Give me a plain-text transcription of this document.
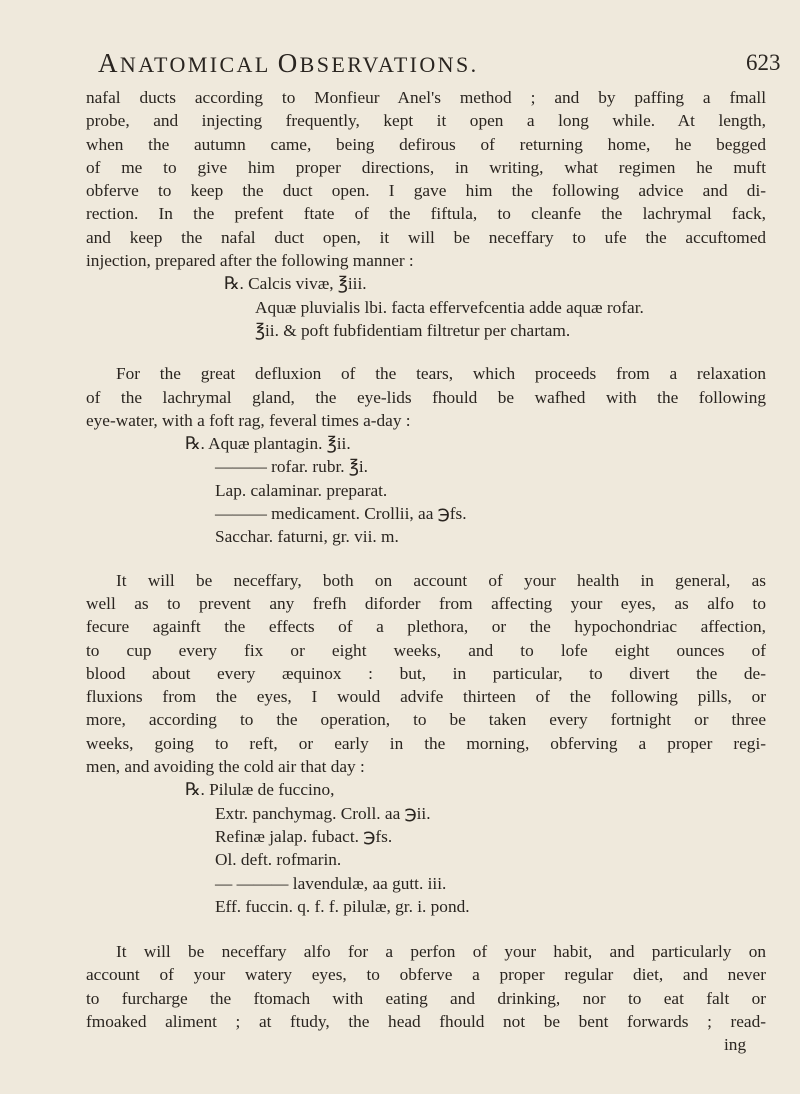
ANATOMICAL OBSERVATIONS.	623
nafal ducts according to Monfieur Anel's method ; and by paffing a fmall
probe, and injecting frequently, kept it open a long while. At length,
when the autumn came, being defirous of returning home, he begged
of me to give him proper directions, in writing, what regimen he muft
obferve to keep the duct open. I gave him the following advice and di-
rection. In the prefent ftate of the fiftula, to cleanfe the lachrymal fack,
and keep the nafal duct open, it will be neceffary to ufe the accuftomed
injection, prepared after the following manner :
℞. Calcis vivæ, ℥iii.
Aquæ pluvialis lbi. facta effervefcentia adde aquæ rofar.
℥ii. & poft fubfidentiam filtretur per chartam.
For the great defluxion of the tears, which proceeds from a relaxation
of the lachrymal gland, the eye-lids fhould be wafhed with the following
eye-water, with a foft rag, feveral times a-day :
℞. Aquæ plantagin. ℥ii.
——— rofar. rubr. ℥i.
Lap. calaminar. preparat.
——— medicament. Crollii, aa ℈fs.
Sacchar. faturni, gr. vii. m.
It will be neceffary, both on account of your health in general, as
well as to prevent any frefh diforder from affecting your eyes, as alfo to
fecure againft the effects of a plethora, or the hypochondriac affection,
to cup every fix or eight weeks, and to lofe eight ounces of
blood about every æquinox : but, in particular, to divert the de-
fluxions from the eyes, I would advife thirteen of the following pills, or
more, according to the operation, to be taken every fortnight or three
weeks, going to reft, or early in the morning, obferving a proper regi-
men, and avoiding the cold air that day :
℞. Pilulæ de fuccino,
Extr. panchymag. Croll. aa ℈ii.
Refinæ jalap. fubact. ℈fs.
Ol. deft. rofmarin.
— ——— lavendulæ, aa gutt. iii.
Eff. fuccin. q. f. f. pilulæ, gr. i. pond.
It will be neceffary alfo for a perfon of your habit, and particularly on
account of your watery eyes, to obferve a proper regular diet, and never
to furcharge the ftomach with eating and drinking, nor to eat falt or
fmoaked aliment ; at ftudy, the head fhould not be bent forwards ; read-
ing
